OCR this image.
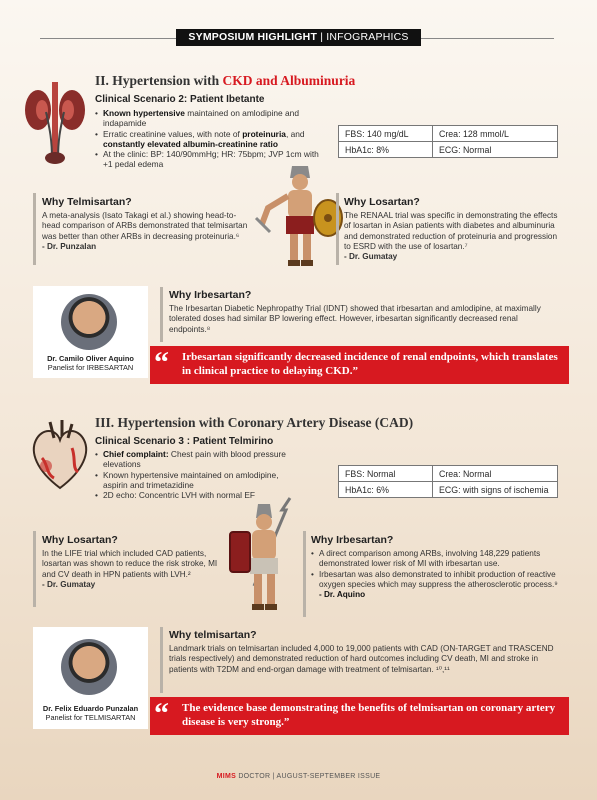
SYMPOSIUM HIGHLIGHT | INFOGRAPHICS
II. Hypertension with CKD and Albuminuria
Clinical Scenario 2: Patient Ibetante
• Known hypertensive maintained on amlodipine and indapamide
• Erratic creatinine values, with note of proteinuria, and constantly elevated albumin-creatinine ratio
• At the clinic: BP: 140/90mmHg; HR: 75bpm; JVP 1cm with +1 pedal edema
FBS: 140 mg/dL	Crea: 128 mmol/L
HbA1c: 8%	ECG: Normal
Why Telmisartan?
A meta-analysis (Isato Takagi et al.) showing head-to-head comparison of ARBs demonstrated that telmisartan was better than other ARBs in decreasing proteinuria.⁶
- Dr. Punzalan
Why Losartan?
The RENAAL trial was specific in demonstrating the effects of losartan in Asian patients with diabetes and albuminuria and demonstrated reduction of proteinuria and progression to ESRD with the use of losartan.⁷
- Dr. Gumatay
Dr. Camilo Oliver Aquino
Panelist for IRBESARTAN
Why Irbesartan?
The Irbesartan Diabetic Nephropathy Trial (IDNT) showed that irbesartan and amlodipine, at maximally tolerated doses had similar BP lowering effect. However, irbesartan significantly decreased renal endpoints.⁸
“ Irbesartan significantly decreased incidence of renal endpoints, which translates in clinical practice to delaying CKD.”
III. Hypertension with Coronary Artery Disease (CAD)
Clinical Scenario 3 : Patient Telmirino
• Chief complaint: Chest pain with blood pressure elevations
• Known hypertensive maintained on amlodipine, aspirin and trimetazidine
• 2D echo: Concentric LVH with normal EF
FBS: Normal	Crea: Normal
HbA1c: 6%	ECG: with signs of ischemia
Why Losartan?
In the LIFE trial which included CAD patients, losartan was shown to reduce the risk stroke, MI and CV death in HPN patients with LVH.²
- Dr. Gumatay
Why Irbesartan?
• A direct comparison among ARBs, involving 148,229 patients demonstrated lower risk of MI with irbesartan use.
• Irbesartan was also demonstrated to inhibit production of reactive oxygen species which may suppress the atherosclerotic process.⁹
- Dr. Aquino
Dr. Felix Eduardo Punzalan
Panelist for TELMISARTAN
Why telmisartan?
Landmark trials on telmisartan included 4,000 to 19,000 patients with CAD (ON-TARGET and TRASCEND trials respectively) and demonstrated reduction of hard outcomes including CV death, MI and stroke in patients with T2DM and end-organ damage with treatment of telmisartan. ¹⁰,¹¹
“ The evidence base demonstrating the benefits of telmisartan on coronary artery disease is very strong.”
MIMS DOCTOR | AUGUST-SEPTEMBER ISSUE
